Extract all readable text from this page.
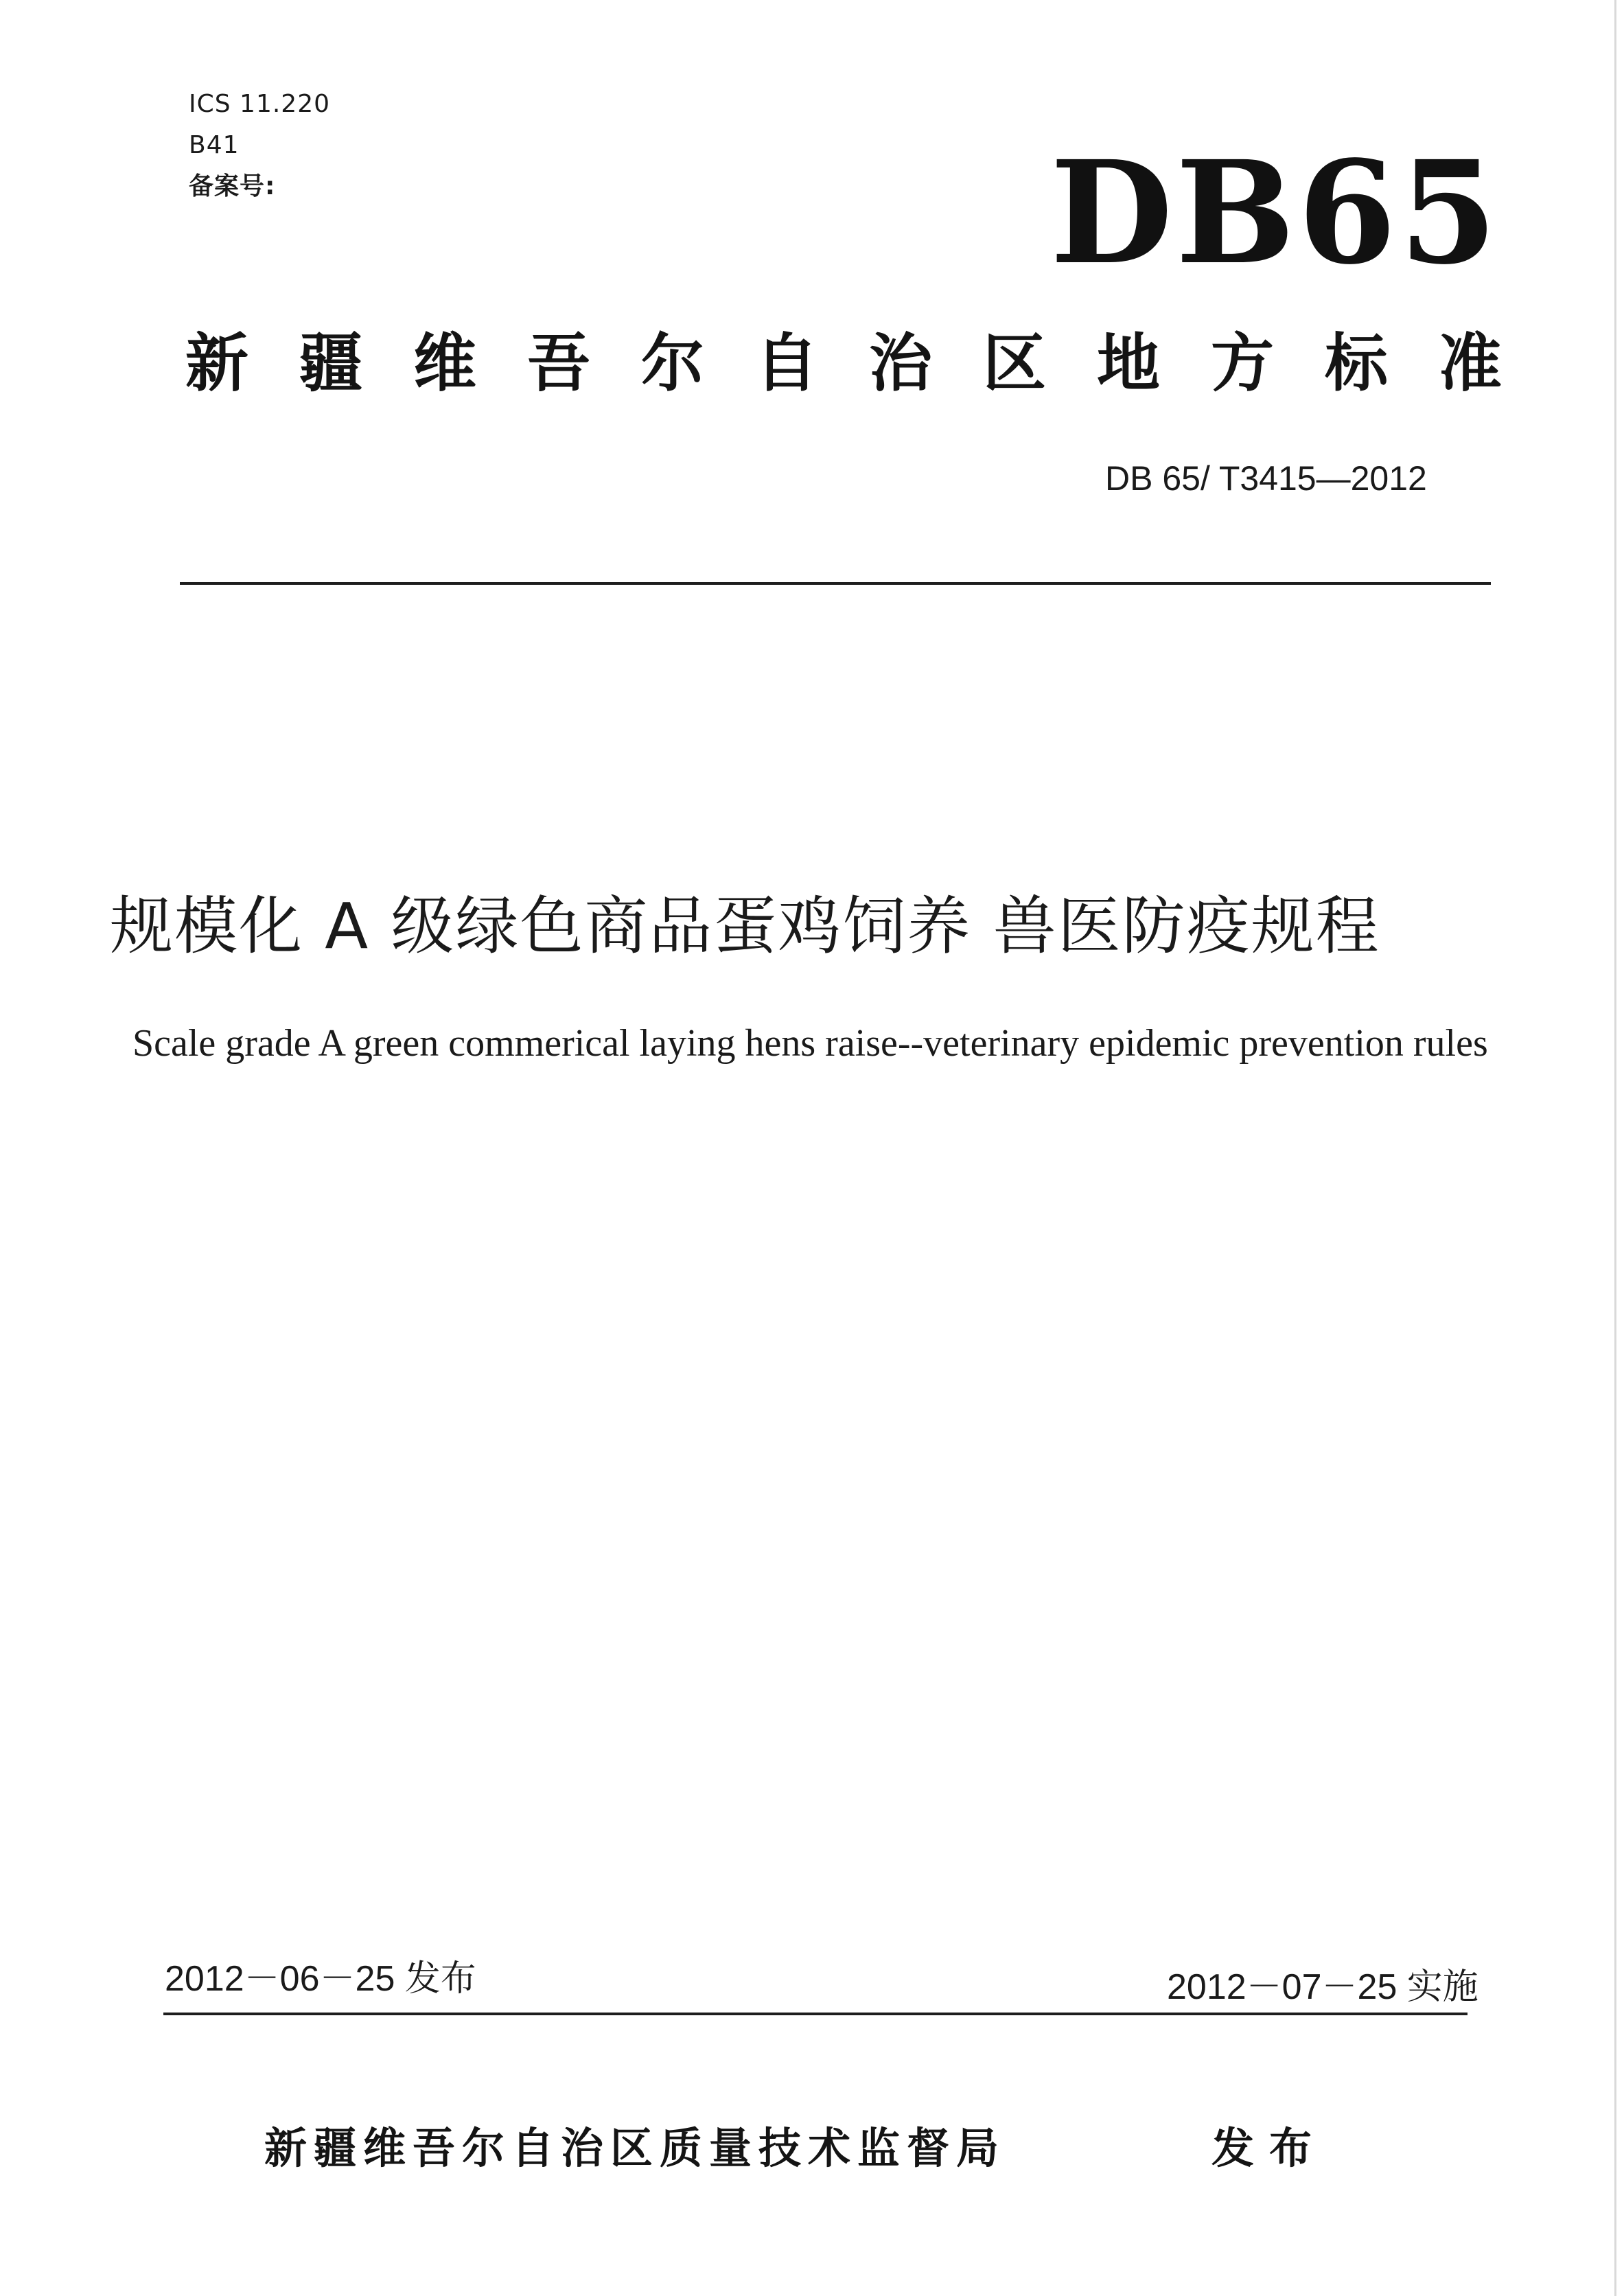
ICS 11.220
B41
备案号:	DB65
新疆维吾尔自治区地方标准
DB 65/ T3415—2012
规模化 A 级绿色商品蛋鸡饲养 兽医防疫规程
Scale grade A green commerical laying hens raise--veterinary epidemic prevention rules
2012－06－25 发布	2012－07－25 实施
新疆维吾尔自治区质量技术监督局	发布
